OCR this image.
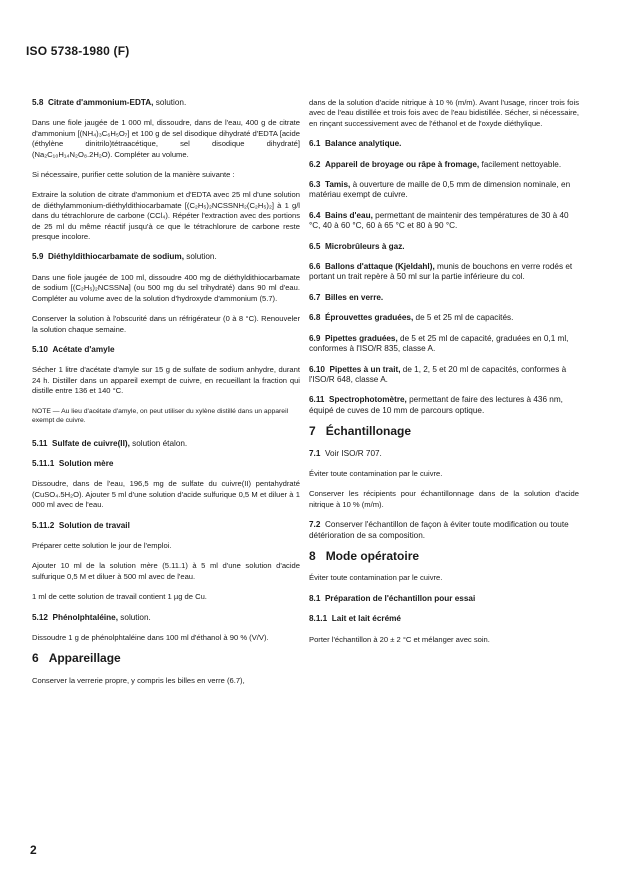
ISO 5738-1980 (F)
5.8 Citrate d'ammonium-EDTA, solution.
Dans une fiole jaugée de 1 000 ml, dissoudre, dans de l'eau, 400 g de citrate d'ammonium [(NH₄)₃C₆H₅O₇] et 100 g de sel disodique dihydraté d'EDTA [acide (éthylène dinitrilo)tétraacétique, sel disodique dihydraté] (Na₂C₁₀H₁₄N₂O₈.2H₂O). Compléter au volume.
Si nécessaire, purifier cette solution de la manière suivante :
Extraire la solution de citrate d'ammonium et d'EDTA avec 25 ml d'une solution de diéthylammonium-diéthyldithiocarbamate [(C₂H₅)₂NCSSNH₂(C₂H₅)₂] à 1 g/l dans du tétrachlorure de carbone (CCl₄). Répéter l'extraction avec des portions de 25 ml du même réactif jusqu'à ce que le tétrachlorure de carbone reste presque incolore.
5.9 Diéthyldithiocarbamate de sodium, solution.
Dans une fiole jaugée de 100 ml, dissoudre 400 mg de diéthyldithiocarbamate de sodium [(C₂H₅)₂NCSSNa] (ou 500 mg du sel trihydraté) dans 90 ml d'eau. Compléter au volume avec de la solution d'hydroxyde d'ammonium (5.7).
Conserver la solution à l'obscurité dans un réfrigérateur (0 à 8 °C). Renouveler la solution chaque semaine.
5.10 Acétate d'amyle
Sécher 1 litre d'acétate d'amyle sur 15 g de sulfate de sodium anhydre, durant 24 h. Distiller dans un appareil exempt de cuivre, en recueillant la fraction qui distille entre 136 et 140 °C.
NOTE — Au lieu d'acétate d'amyle, on peut utiliser du xylène distillé dans un appareil exempt de cuivre.
5.11 Sulfate de cuivre(II), solution étalon.
5.11.1 Solution mère
Dissoudre, dans de l'eau, 196,5 mg de sulfate du cuivre(II) pentahydraté (CuSO₄.5H₂O). Ajouter 5 ml d'une solution d'acide sulfurique 0,5 M et diluer à 1 000 ml avec de l'eau.
5.11.2 Solution de travail
Préparer cette solution le jour de l'emploi.
Ajouter 10 ml de la solution mère (5.11.1) à 5 ml d'une solution d'acide sulfurique 0,5 M et diluer à 500 ml avec de l'eau.
1 ml de cette solution de travail contient 1 µg de Cu.
5.12 Phénolphtaléine, solution.
Dissoudre 1 g de phénolphtaléine dans 100 ml d'éthanol à 90 % (V/V).
6 Appareillage
Conserver la verrerie propre, y compris les billes en verre (6.7),
dans de la solution d'acide nitrique à 10 % (m/m). Avant l'usage, rincer trois fois avec de l'eau distillée et trois fois avec de l'eau bidistillée. Sécher, si nécessaire, en rinçant successivement avec de l'éthanol et de l'oxyde diéthylique.
6.1 Balance analytique.
6.2 Appareil de broyage ou râpe à fromage, facilement nettoyable.
6.3 Tamis, à ouverture de maille de 0,5 mm de dimension nominale, en matériau exempt de cuivre.
6.4 Bains d'eau, permettant de maintenir des températures de 30 à 40 °C, 40 à 60 °C, 60 à 65 °C et 80 à 90 °C.
6.5 Microbrûleurs à gaz.
6.6 Ballons d'attaque (Kjeldahl), munis de bouchons en verre rodés et portant un trait repère à 50 ml sur la partie inférieure du col.
6.7 Billes en verre.
6.8 Éprouvettes graduées, de 5 et 25 ml de capacités.
6.9 Pipettes graduées, de 5 et 25 ml de capacité, graduées en 0,1 ml, conformes à l'ISO/R 835, classe A.
6.10 Pipettes à un trait, de 1, 2, 5 et 20 ml de capacités, conformes à l'ISO/R 648, classe A.
6.11 Spectrophotomètre, permettant de faire des lectures à 436 nm, équipé de cuves de 10 mm de parcours optique.
7 Échantillonage
7.1 Voir ISO/R 707.
Éviter toute contamination par le cuivre.
Conserver les récipients pour échantillonnage dans de la solution d'acide nitrique à 10 % (m/m).
7.2 Conserver l'échantillon de façon à éviter toute modification ou toute détérioration de sa composition.
8 Mode opératoire
Éviter toute contamination par le cuivre.
8.1 Préparation de l'échantillon pour essai
8.1.1 Lait et lait écrémé
Porter l'échantillon à 20 ± 2 °C et mélanger avec soin.
2
